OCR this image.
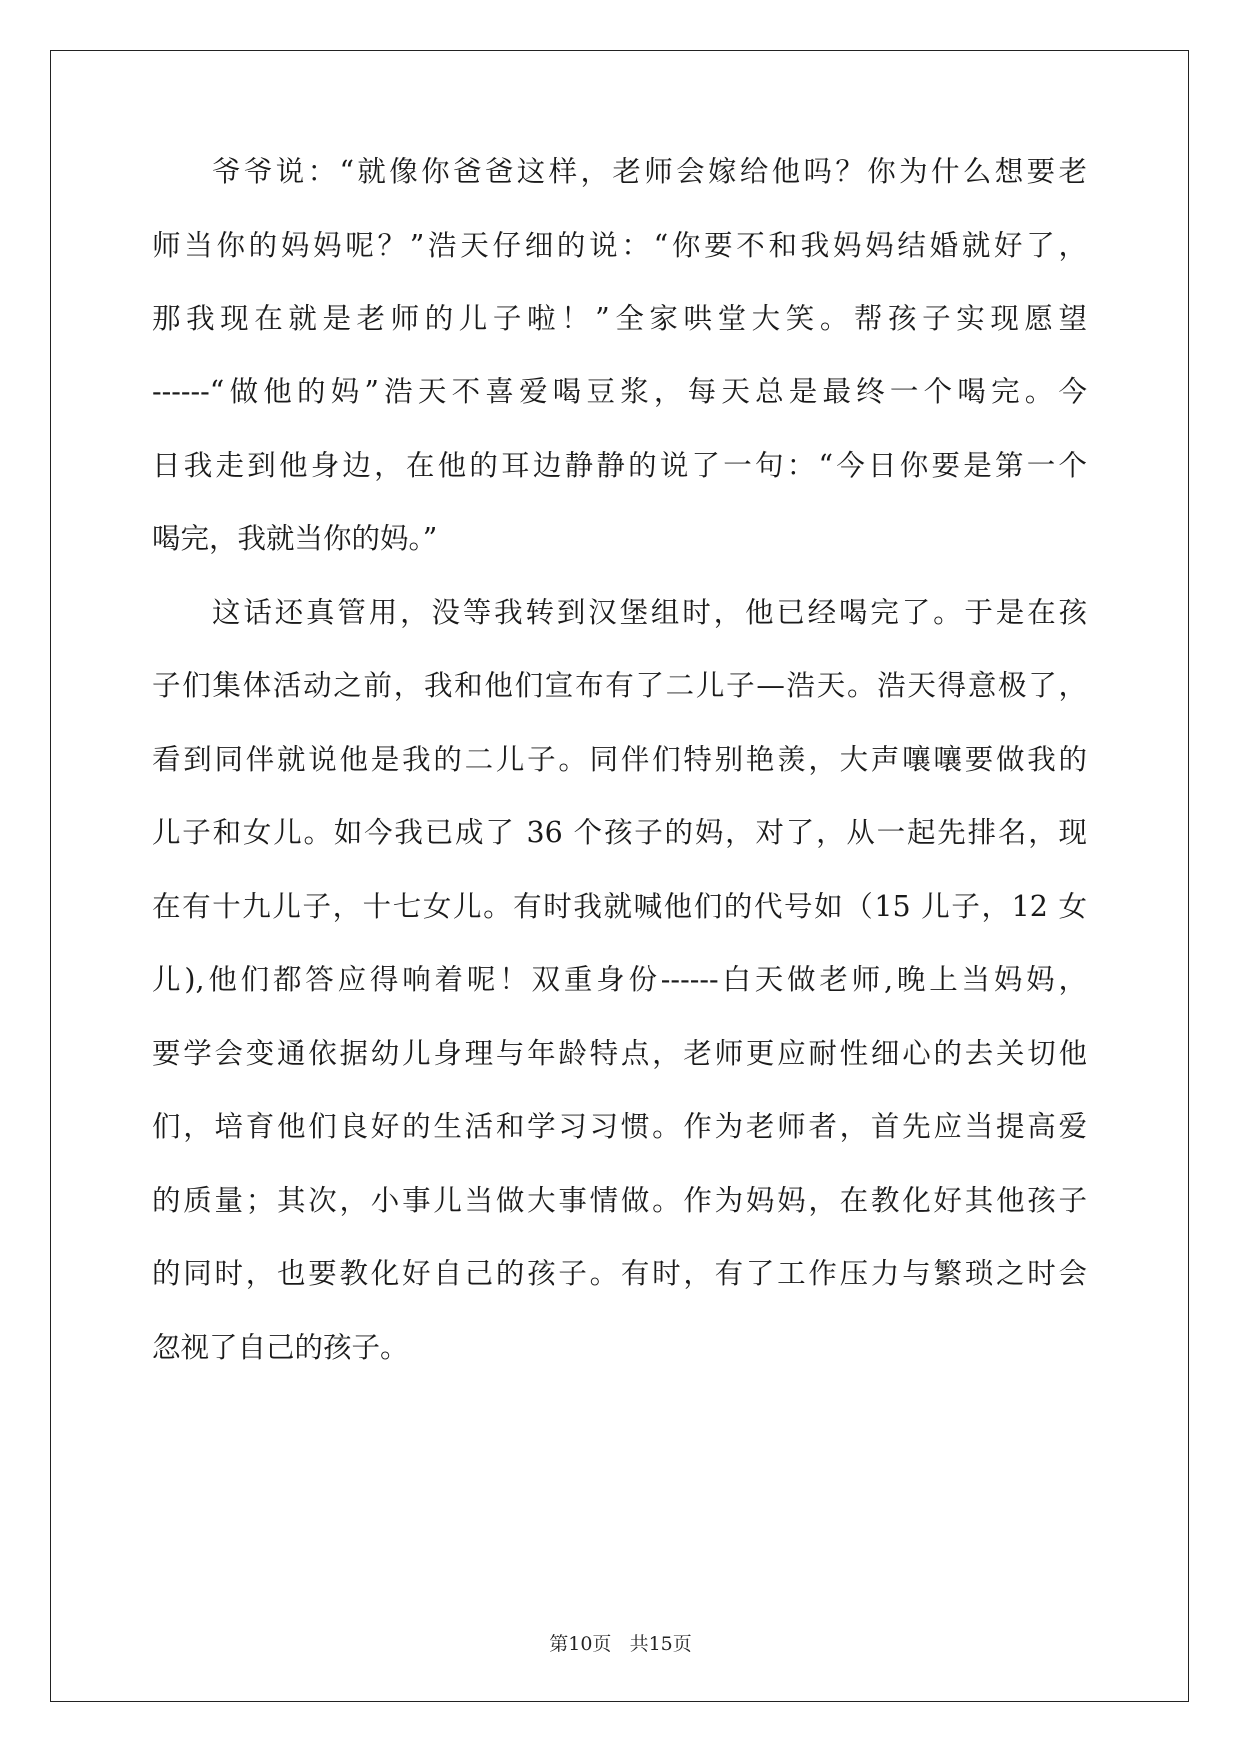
爷爷说：“就像你爸爸这样，老师会嫁给他吗？你为什么想要老
师当你的妈妈呢？”浩天仔细的说：“你要不和我妈妈结婚就好了，
那我现在就是老师的儿子啦！”全家哄堂大笑。帮孩子实现愿望
------“做他的妈”浩天不喜爱喝豆浆，每天总是最终一个喝完。今
日我走到他身边，在他的耳边静静的说了一句：“今日你要是第一个
喝完，我就当你的妈。”
这话还真管用，没等我转到汉堡组时，他已经喝完了。于是在孩
子们集体活动之前，我和他们宣布有了二儿子—浩天。浩天得意极了，
看到同伴就说他是我的二儿子。同伴们特别艳羡，大声嚷嚷要做我的
儿子和女儿。如今我已成了 36 个孩子的妈，对了，从一起先排名，现
在有十九儿子，十七女儿。有时我就喊他们的代号如（15 儿子，12 女
儿),他们都答应得响着呢！双重身份------白天做老师,晚上当妈妈，
要学会变通依据幼儿身理与年龄特点，老师更应耐性细心的去关切他
们，培育他们良好的生活和学习习惯。作为老师者，首先应当提高爱
的质量；其次，小事儿当做大事情做。作为妈妈，在教化好其他孩子
的同时，也要教化好自己的孩子。有时，有了工作压力与繁琐之时会
忽视了自己的孩子。
第10页 共15页
